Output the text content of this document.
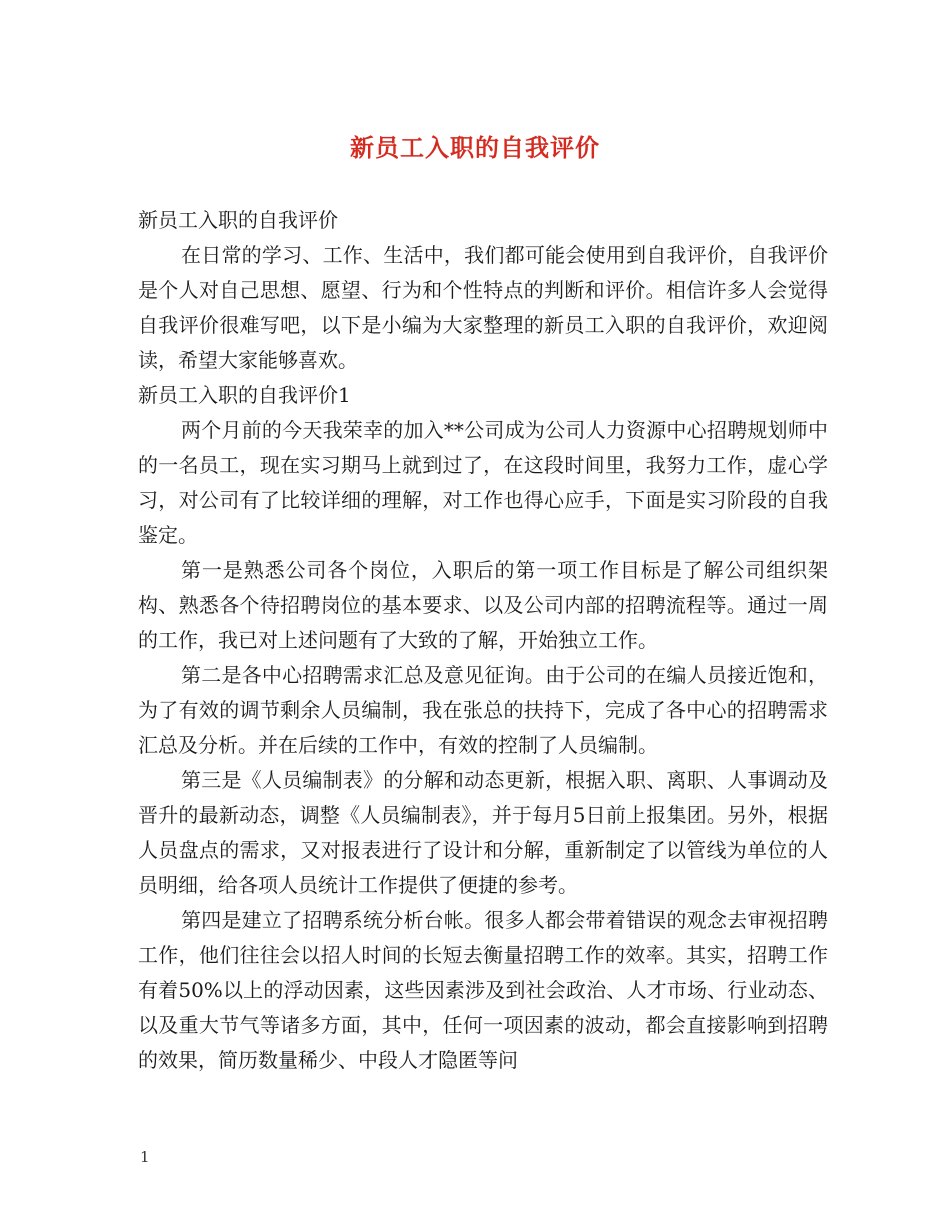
新员工入职的自我评价

新员工入职的自我评价

在日常的学习、工作、生活中，我们都可能会使用到自我评价，自我评价是个人对自己思想、愿望、行为和个性特点的判断和评价。相信许多人会觉得自我评价很难写吧，以下是小编为大家整理的新员工入职的自我评价，欢迎阅读，希望大家能够喜欢。

新员工入职的自我评价1

两个月前的今天我荣幸的加入**公司成为公司人力资源中心招聘规划师中的一名员工，现在实习期马上就到过了，在这段时间里，我努力工作，虚心学习，对公司有了比较详细的理解，对工作也得心应手，下面是实习阶段的自我鉴定。

第一是熟悉公司各个岗位，入职后的第一项工作目标是了解公司组织架构、熟悉各个待招聘岗位的基本要求、以及公司内部的招聘流程等。通过一周的工作，我已对上述问题有了大致的了解，开始独立工作。

第二是各中心招聘需求汇总及意见征询。由于公司的在编人员接近饱和，为了有效的调节剩余人员编制，我在张总的扶持下，完成了各中心的招聘需求汇总及分析。并在后续的工作中，有效的控制了人员编制。

第三是《人员编制表》的分解和动态更新，根据入职、离职、人事调动及晋升的最新动态，调整《人员编制表》，并于每月5日前上报集团。另外，根据人员盘点的需求，又对报表进行了设计和分解，重新制定了以管线为单位的人员明细，给各项人员统计工作提供了便捷的参考。

第四是建立了招聘系统分析台帐。很多人都会带着错误的观念去审视招聘工作，他们往往会以招人时间的长短去衡量招聘工作的效率。其实，招聘工作有着50%以上的浮动因素，这些因素涉及到社会政治、人才市场、行业动态、以及重大节气等诸多方面，其中，任何一项因素的波动，都会直接影响到招聘的效果，简历数量稀少、中段人才隐匿等问

1
